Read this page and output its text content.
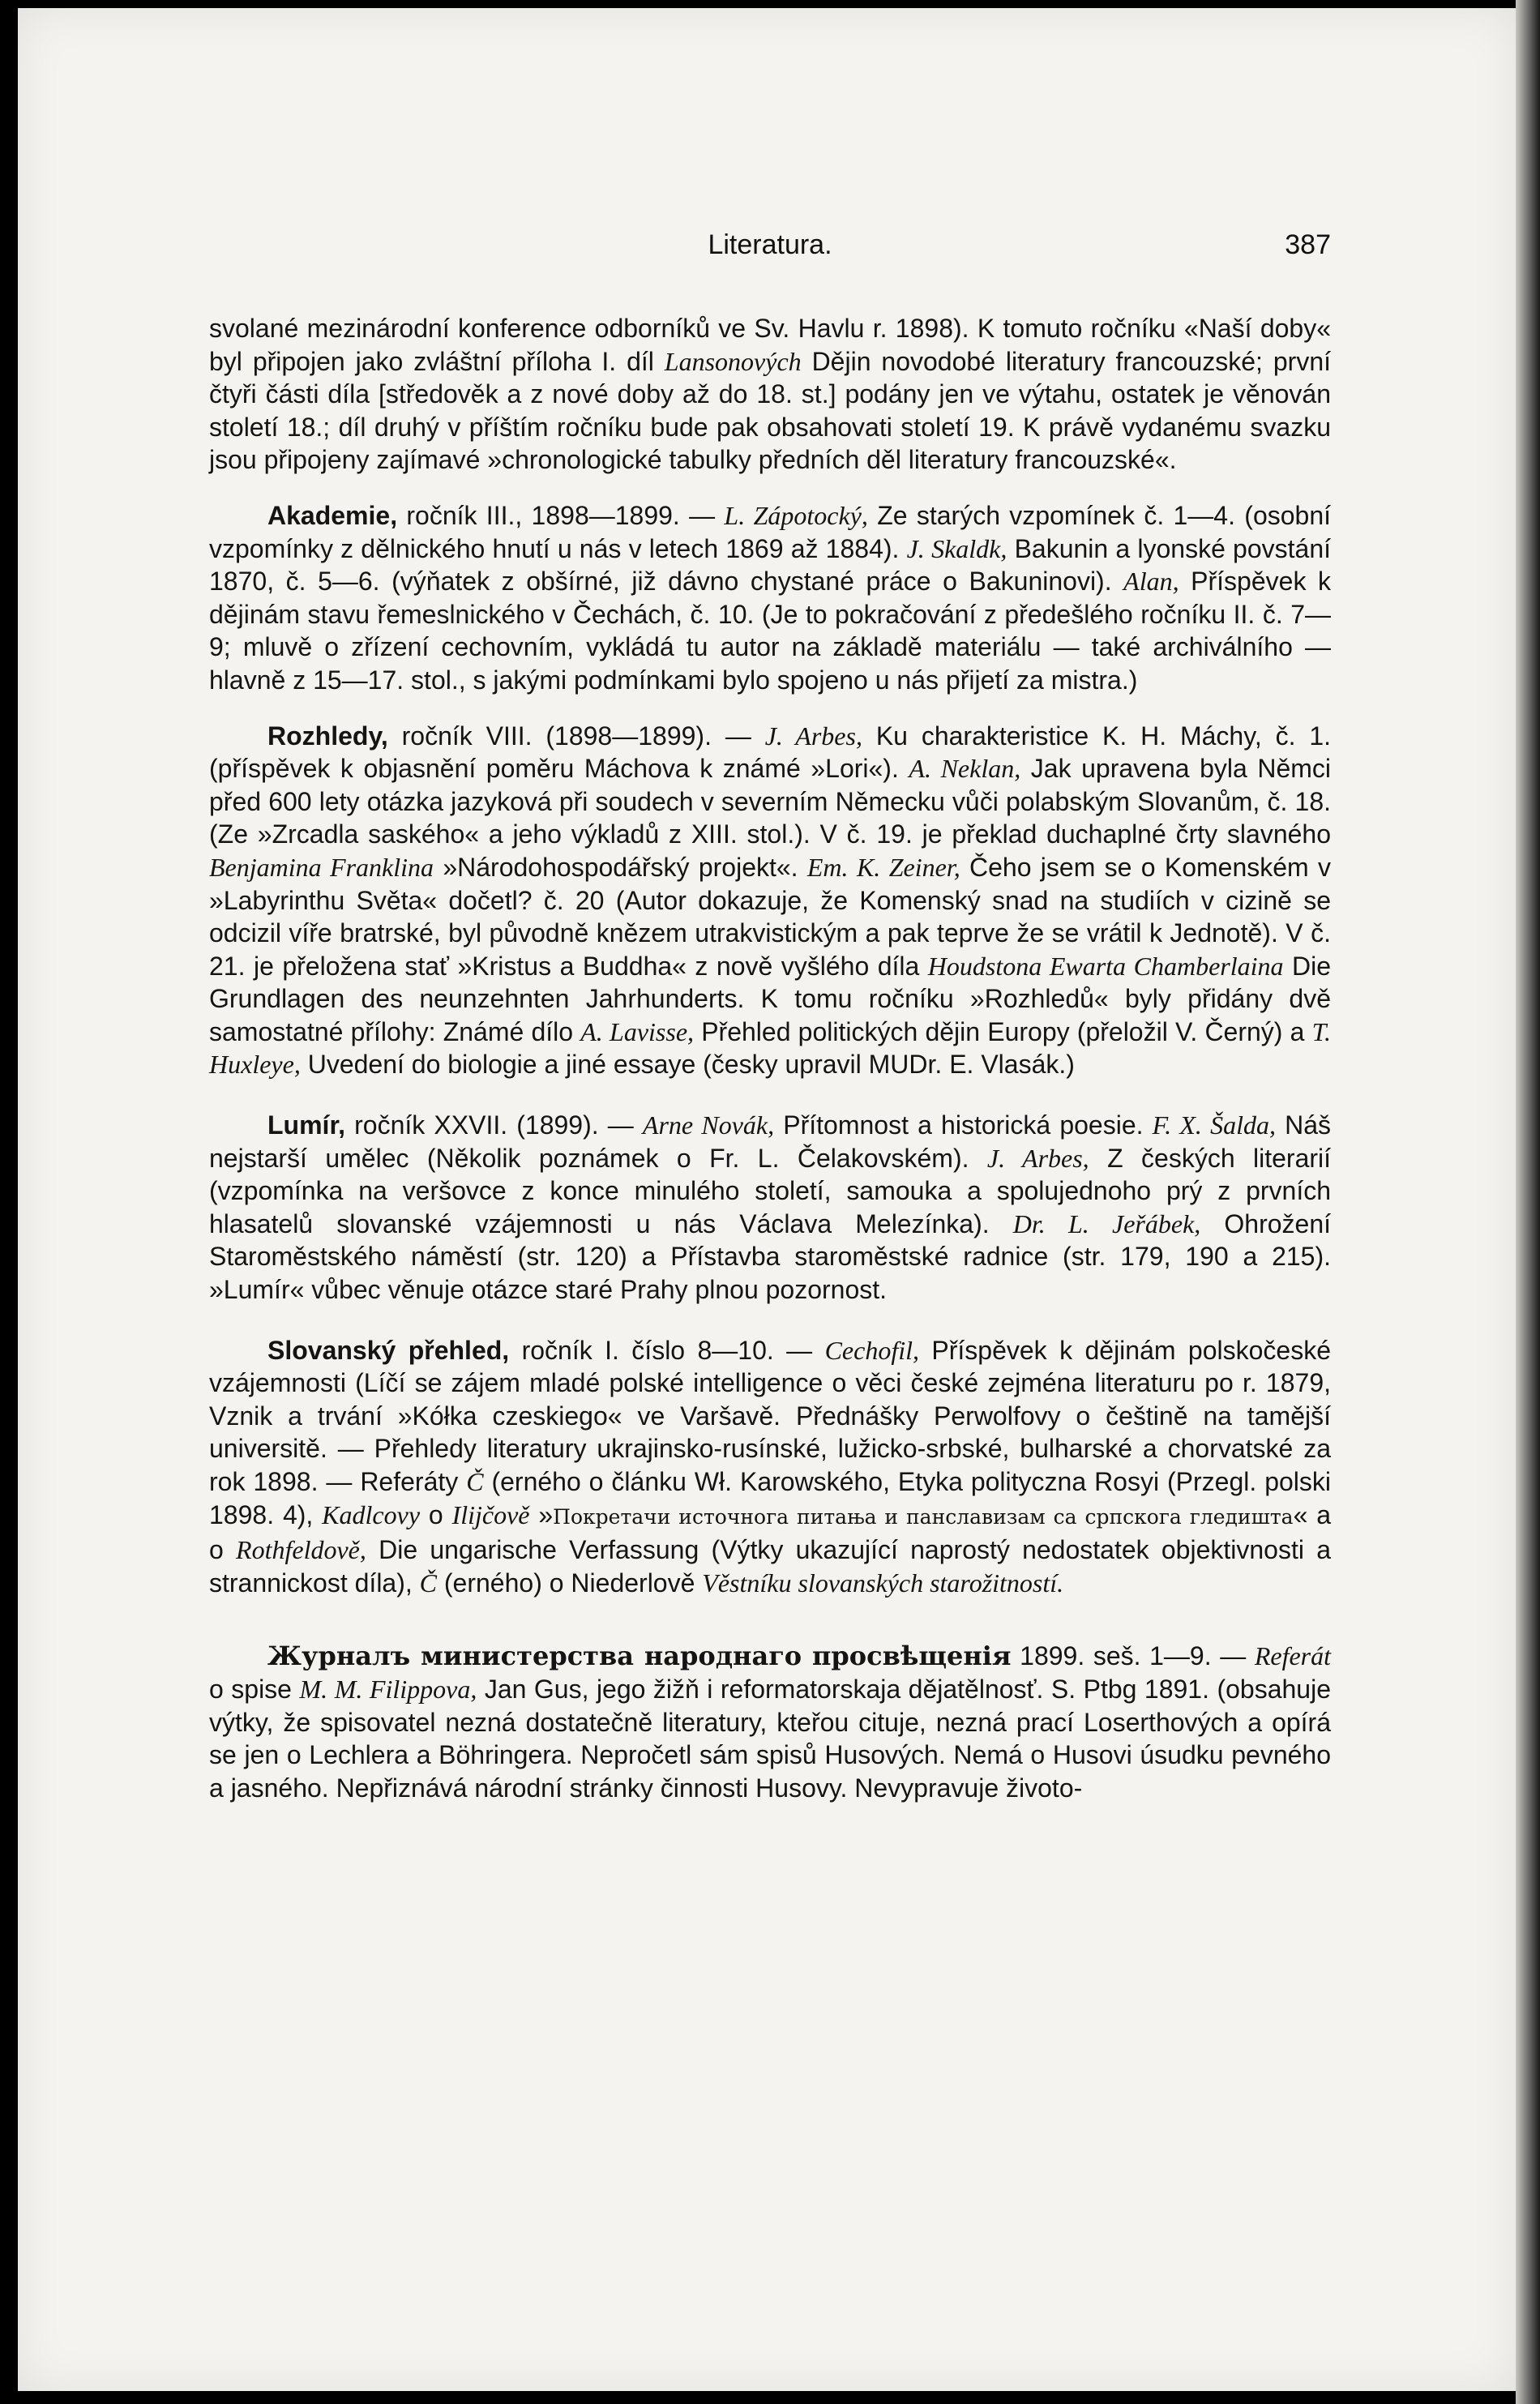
Literatura.	387

svolané mezinárodní konference odborníků ve Sv. Havlu r. 1898). K tomuto ročníku «Naší doby« byl připojen jako zvláštní příloha I. díl Lansonových Dějin novodobé literatury francouzské; první čtyři části díla [středověk a z nové doby až do 18. st.] podány jen ve výtahu, ostatek je věnován století 18.; díl druhý v příštím ročníku bude pak obsahovati století 19. K právě vydanému svazku jsou připojeny zajímavé »chronologické tabulky předních děl literatury francouzské«.

Akademie, ročník III., 1898—1899. — L. Zápotocký, Ze starých vzpomínek č. 1—4. (osobní vzpomínky z dělnického hnutí u nás v letech 1869 až 1884). J. Skaldk, Bakunin a lyonské povstání 1870, č. 5—6. (výňatek z obšírné, již dávno chystané práce o Bakuninovi). Alan, Příspěvek k dějinám stavu řemeslnického v Čechách, č. 10. (Je to pokračování z předešlého ročníku II. č. 7—9; mluvě o zřízení cechovním, vykládá tu autor na základě materiálu — také archiválního — hlavně z 15—17. stol., s jakými podmínkami bylo spojeno u nás přijetí za mistra.)

Rozhledy, ročník VIII. (1898—1899). — J. Arbes, Ku charakteristice K. H. Máchy, č. 1. (příspěvek k objasnění poměru Máchova k známé »Lori«). A. Neklan, Jak upravena byla Němci před 600 lety otázka jazyková při soudech v severním Německu vůči polabským Slovanům, č. 18. (Ze »Zrcadla saského« a jeho výkladů z XIII. stol.). V č. 19. je překlad duchaplné črty slavného Benjamina Franklina »Národohospodářský projekt«. Em. K. Zeiner, Čeho jsem se o Komenském v »Labyrinthu Světa« dočetl? č. 20 (Autor dokazuje, že Komenský snad na studiích v cizině se odcizil víře bratrské, byl původně knězem utrakvistickým a pak teprve že se vrátil k Jednotě). V č. 21. je přeložena stať »Kristus a Buddha« z nově vyšlého díla Houdstona Ewarta Chamberlaina Die Grundlagen des neunzehnten Jahrhunderts. K tomu ročníku »Rozhledů« byly přidány dvě samostatné přílohy: Známé dílo A. Lavisse, Přehled politických dějin Europy (přeložil V. Černý) a T. Huxleye, Uvedení do biologie a jiné essaye (česky upravil MUDr. E. Vlasák.)

Lumír, ročník XXVII. (1899). — Arne Novák, Přítomnost a historická poesie. F. X. Šalda, Náš nejstarší umělec (Několik poznámek o Fr. L. Čelakovském). J. Arbes, Z českých literarií (vzpomínka na veršovce z konce minulého století, samouka a spolujednoho prý z prvních hlasatelů slovanské vzájemnosti u nás Václava Melezínka). Dr. L. Jeřábek, Ohrožení Staroměstského náměstí (str. 120) a Přístavba staroměstské radnice (str. 179, 190 a 215). »Lumír« vůbec věnuje otázce staré Prahy plnou pozornost.

Slovanský přehled, ročník I. číslo 8—10. — Cechofil, Příspěvek k dějinám polskočeské vzájemnosti (Líčí se zájem mladé polské intelligence o věci české zejména literaturu po r. 1879, Vznik a trvání »Kółka czeskiego« ve Varšavě. Přednášky Perwolfovy o češtině na tamější universitě. — Přehledy literatury ukrajinsko-rusínské, lužicko-srbské, bulharské a chorvatské za rok 1898. — Referáty Č (erného o článku Wł. Karowského, Etyka polityczna Rosyi (Przegl. polski 1898. 4), Kadlcovy o Ilijčově »Покретачи источнога питања и панславизам са српскога гледишта« a o Rothfeldově, Die ungarische Verfassung (Výtky ukazující naprostý nedostatek objektivnosti a strannickost díla), Č (erného) o Niederlově Věstníku slovanských starožitností.

Журналъ министерства народнаго просвѣщенія 1899. seš. 1—9. — Referát o spise M. M. Filippova, Jan Gus, jego žižň i reformatorskaja dějatělnosť. S. Ptbg 1891. (obsahuje výtky, že spisovatel nezná dostatečně literatury, kteřou cituje, nezná prací Loserthových a opírá se jen o Lechlera a Böhringera. Nepročetl sám spisů Husových. Nemá o Husovi úsudku pevného a jasného. Nepřiznává národní stránky činnosti Husovy. Nevypravuje životo-
